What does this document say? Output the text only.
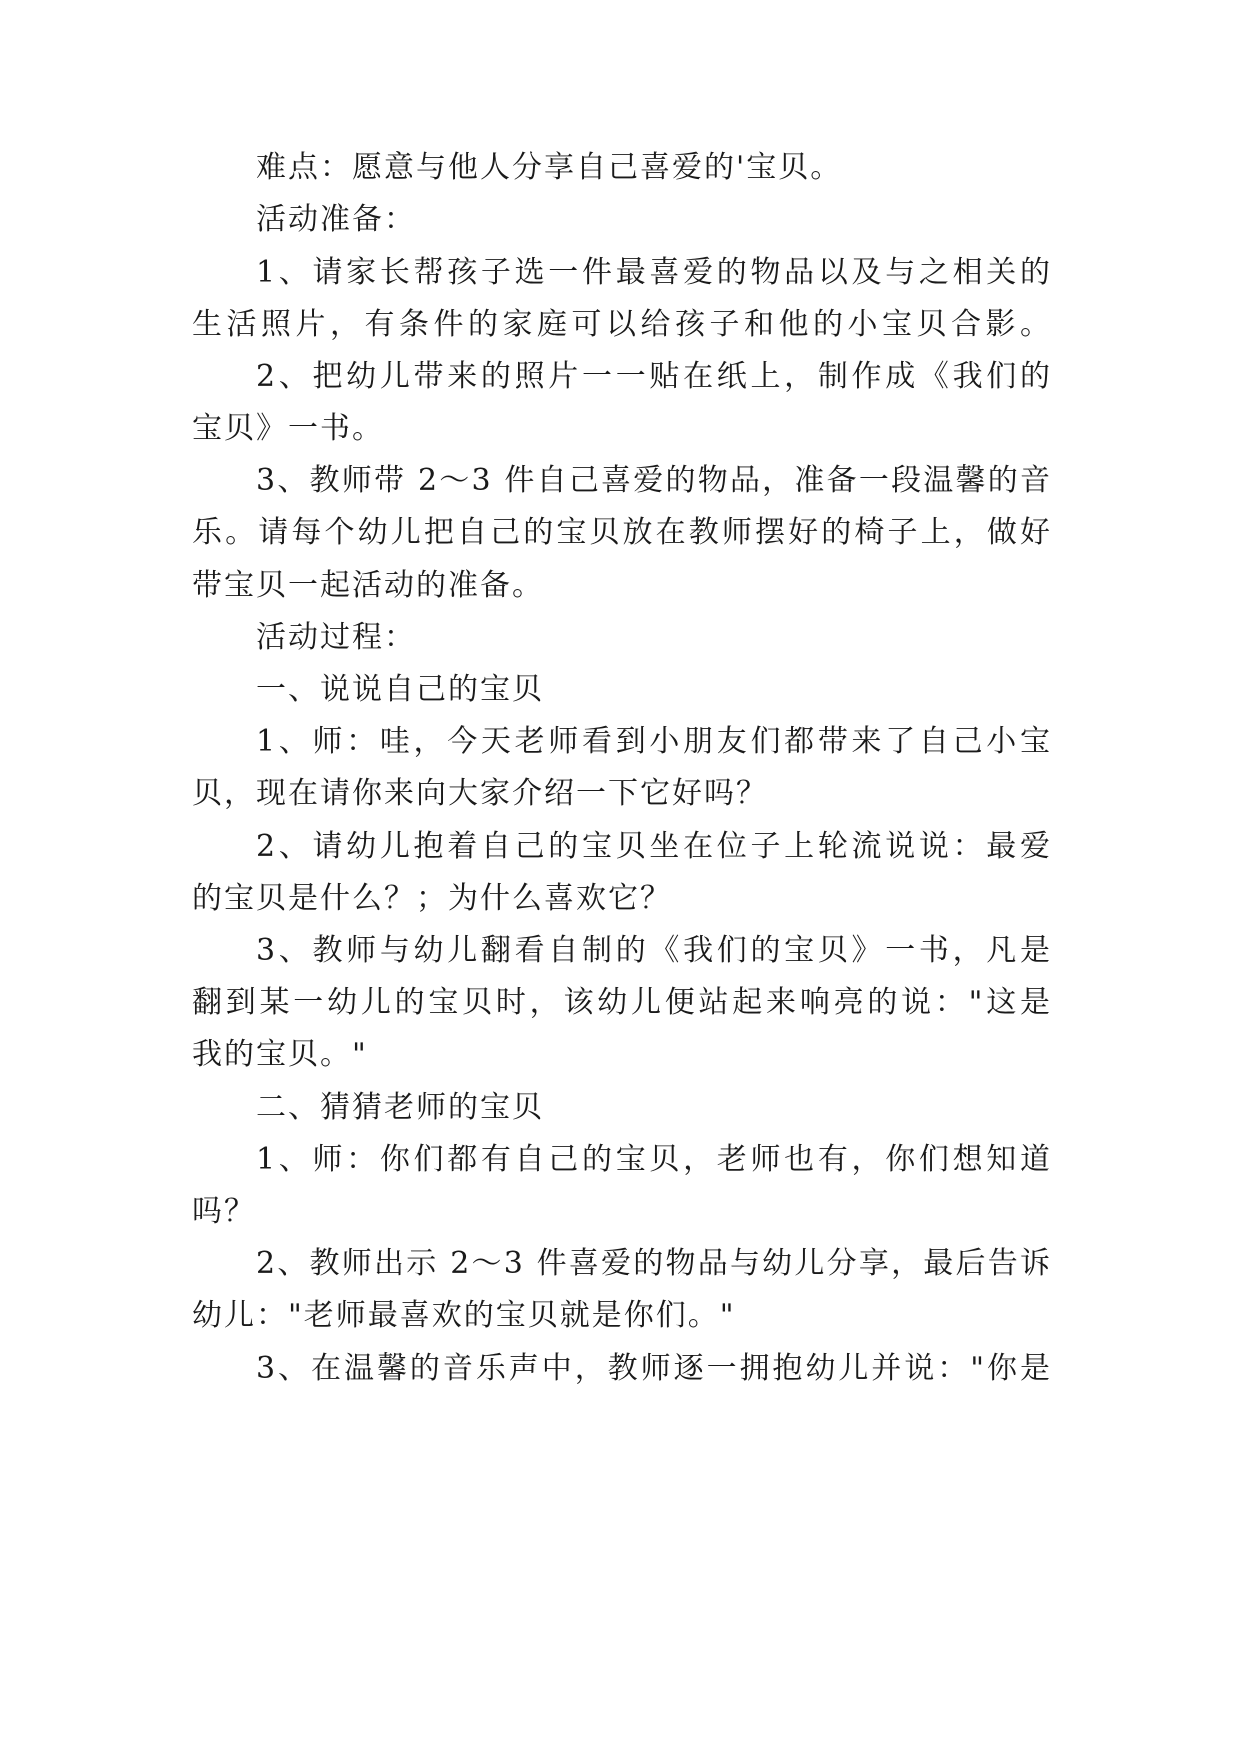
难点：愿意与他人分享自己喜爱的'宝贝。
活动准备：
1、请家长帮孩子选一件最喜爱的物品以及与之相关的
生活照片，有条件的家庭可以给孩子和他的小宝贝合影。
2、把幼儿带来的照片一一贴在纸上，制作成《我们的
宝贝》一书。
3、教师带 2～3 件自己喜爱的物品，准备一段温馨的音
乐。请每个幼儿把自己的宝贝放在教师摆好的椅子上，做好
带宝贝一起活动的准备。
活动过程：
一、说说自己的宝贝
1、师：哇，今天老师看到小朋友们都带来了自己小宝
贝，现在请你来向大家介绍一下它好吗？
2、请幼儿抱着自己的宝贝坐在位子上轮流说说：最爱
的宝贝是什么？；为什么喜欢它？
3、教师与幼儿翻看自制的《我们的宝贝》一书，凡是
翻到某一幼儿的宝贝时，该幼儿便站起来响亮的说："这是
我的宝贝。"
二、猜猜老师的宝贝
1、师：你们都有自己的宝贝，老师也有，你们想知道
吗？
2、教师出示 2～3 件喜爱的物品与幼儿分享，最后告诉
幼儿："老师最喜欢的宝贝就是你们。"
3、在温馨的音乐声中，教师逐一拥抱幼儿并说："你是
